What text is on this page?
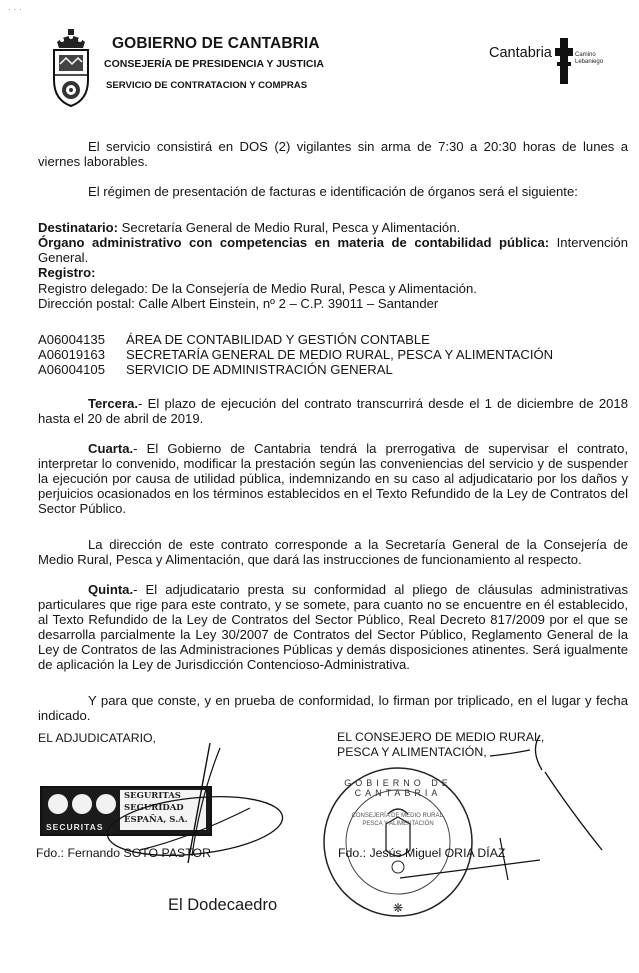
· · ·
GOBIERNO DE CANTABRIA
CONSEJERÍA DE PRESIDENCIA Y JUSTICIA
SERVICIO DE CONTRATACION Y COMPRAS
Cantabria	Camino
Lebaniego

El servicio consistirá en DOS (2) vigilantes sin arma de 7:30 a 20:30 horas de lunes a viernes laborables.

El régimen de presentación de facturas e identificación de órganos será el siguiente:

Destinatario: Secretaría General de Medio Rural, Pesca y Alimentación.

Órgano administrativo con competencias en materia de contabilidad pública: Intervención General.

Registro:

Registro delegado: De la Consejería de Medio Rural, Pesca y Alimentación.

Dirección postal: Calle Albert Einstein, nº 2 – C.P. 39011 – Santander

A06004135 ÁREA DE CONTABILIDAD Y GESTIÓN CONTABLE
A06019163 SECRETARÍA GENERAL DE MEDIO RURAL, PESCA Y ALIMENTACIÓN
A06004105 SERVICIO DE ADMINISTRACIÓN GENERAL

Tercera.- El plazo de ejecución del contrato transcurrirá desde el 1 de diciembre de 2018 hasta el 20 de abril de 2019.

Cuarta.- El Gobierno de Cantabria tendrá la prerrogativa de supervisar el contrato, interpretar lo convenido, modificar la prestación según las conveniencias del servicio y de suspender la ejecución por causa de utilidad pública, indemnizando en su caso al adjudicatario por los daños y perjuicios ocasionados en los términos establecidos en el Texto Refundido de la Ley de Contratos del Sector Público.

La dirección de este contrato corresponde a la Secretaría General de la Consejería de Medio Rural, Pesca y Alimentación, que dará las instrucciones de funcionamiento al respecto.

Quinta.- El adjudicatario presta su conformidad al pliego de cláusulas administrativas particulares que rige para este contrato, y se somete, para cuanto no se encuentre en él establecido, al Texto Refundido de la Ley de Contratos del Sector Público, Real Decreto 817/2009 por el que se desarrolla parcialmente la Ley 30/2007 de Contratos del Sector Público, Reglamento General de la Ley de Contratos de las Administraciones Públicas y demás disposiciones atinentes. Será igualmente de aplicación la Ley de Jurisdicción Contencioso-Administrativa.

Y para que conste, y en prueba de conformidad, lo firman por triplicado, en el lugar y fecha indicado.

EL ADJUDICATARIO,
SECURITAS
SEGURITAS
SEGURIDAD
ESPAÑA, S.A.
Fdo.: Fernando SOTO PASTOR
EL CONSEJERO DE MEDIO RURAL,
PESCA Y ALIMENTACIÓN,
❋
GOBIERNO DE CANTABRIA
CONSEJERÍA DE MEDIO RURAL, PESCA Y ALIMENTACIÓN
Fdo.: Jesús Miguel ORIA DÍAZ
El Dodecaedro
